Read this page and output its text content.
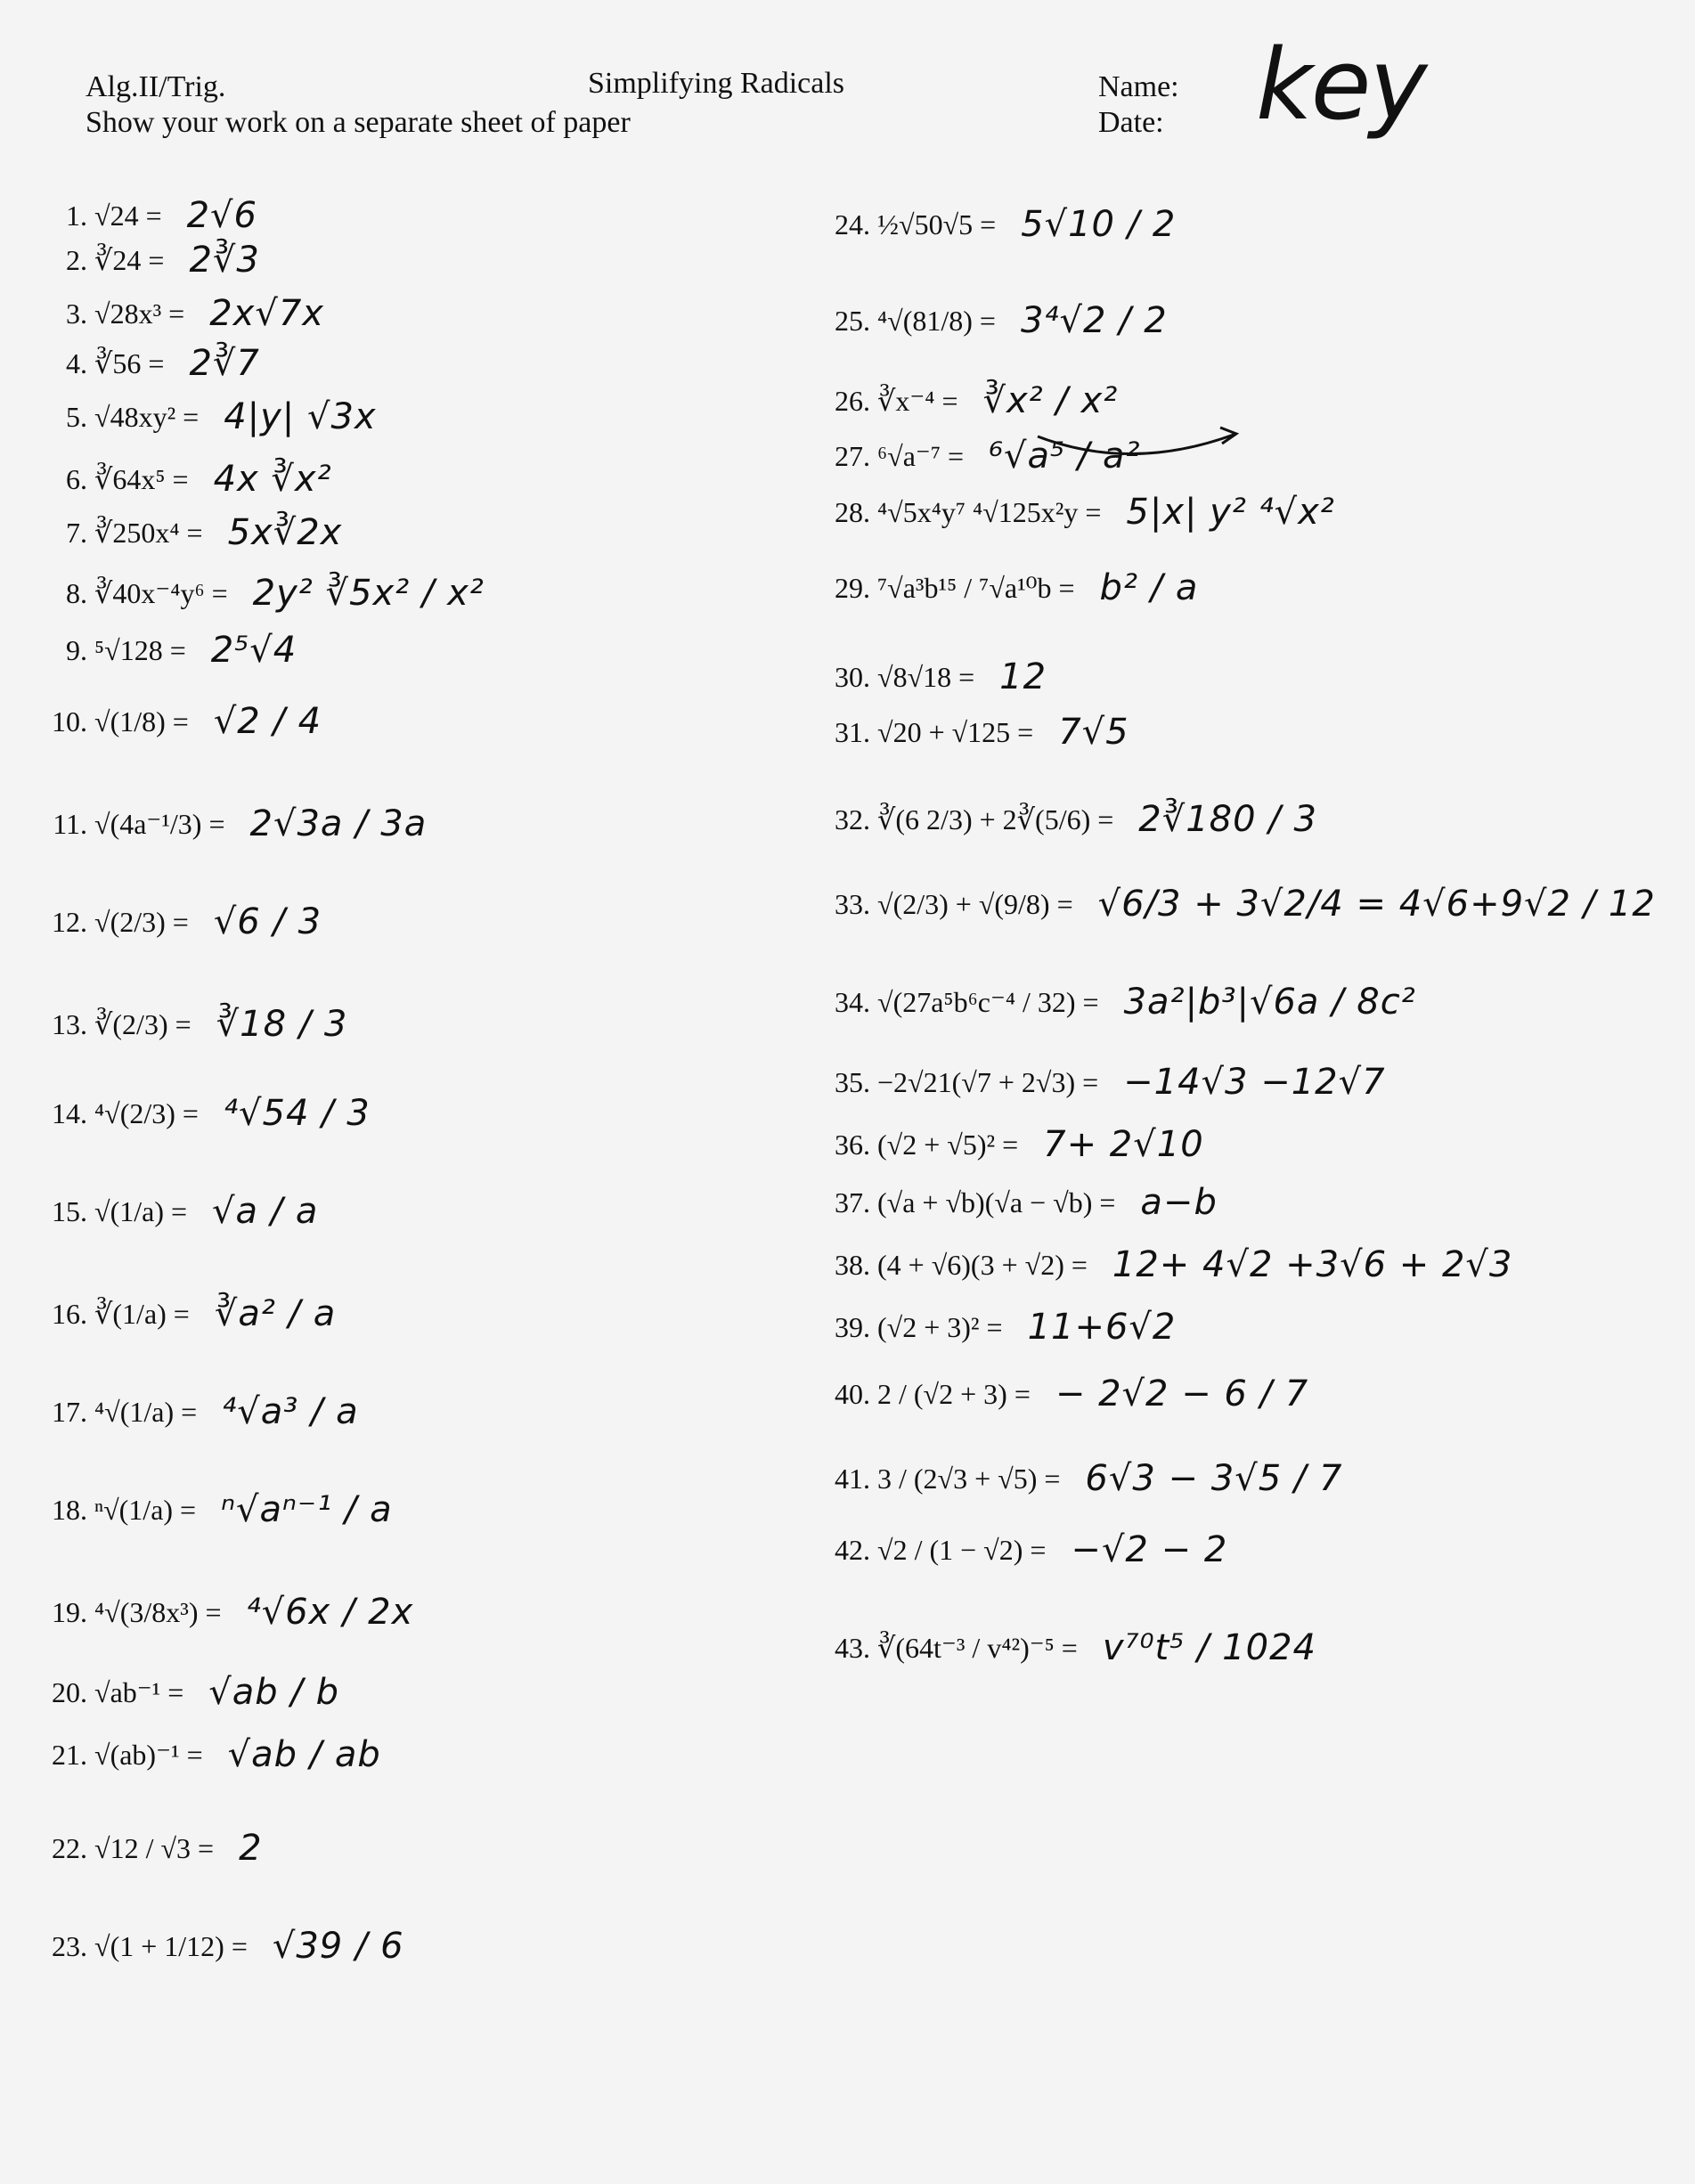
Alg.II/Trig.
Show your work on a separate sheet of paper
Simplifying Radicals	Name:
Date: key
1. √24 = 2√6
2. ∛24 = 2∛3
3. √28x³ = 2x√7x
4. ∛56 = 2∛7
5. √48xy² = 4|y| √3x
6. ∛64x⁵ = 4x ∛x²
7. ∛250x⁴ = 5x∛2x
8. ∛40x⁻⁴y⁶ = 2y² ∛5x² / x²
9. ⁵√128 = 2⁵√4
10. √(1/8) = √2 / 4
11. √(4a⁻¹/3) = 2√3a / 3a
12. √(2/3) = √6 / 3
13. ∛(2/3) = ∛18 / 3
14. ⁴√(2/3) = ⁴√54 / 3
15. √(1/a) = √a / a
16. ∛(1/a) = ∛a² / a
17. ⁴√(1/a) = ⁴√a³ / a
18. ⁿ√(1/a) = ⁿ√aⁿ⁻¹ / a
19. ⁴√(3/8x³) = ⁴√6x / 2x
20. √ab⁻¹ = √ab / b
21. √(ab)⁻¹ = √ab / ab
22. √12 / √3 = 2
23. √(1 + 1/12) = √39 / 6
24. ½√50√5 = 5√10 / 2
25. ⁴√(81/8) = 3⁴√2 / 2
26. ∛x⁻⁴ = ∛x² / x²
27. ⁶√a⁻⁷ = ⁶√a⁵ / a²
28. ⁴√5x⁴y⁷ ⁴√125x²y = 5|x| y² ⁴√x²
29. ⁷√a³b¹⁵ / ⁷√a¹⁰b = b² / a
30. √8√18 = 12
31. √20 + √125 = 7√5
32. ∛(6 2/3) + 2∛(5/6) = 2∛180 / 3
33. √(2/3) + √(9/8) = √6/3 + 3√2/4 = 4√6+9√2 / 12
34. √(27a⁵b⁶c⁻⁴ / 32) = 3a²|b³|√6a / 8c²
35. −2√21(√7 + 2√3) = −14√3 −12√7
36. (√2 + √5)² = 7+ 2√10
37. (√a + √b)(√a − √b) = a−b
38. (4 + √6)(3 + √2) = 12+ 4√2 +3√6 + 2√3
39. (√2 + 3)² = 11+6√2
40. 2 / (√2 + 3) = − 2√2 − 6 / 7
41. 3 / (2√3 + √5) = 6√3 − 3√5 / 7
42. √2 / (1 − √2) = −√2 − 2
43. ∛(64t⁻³ / v⁴²)⁻⁵ = v⁷⁰t⁵ / 1024
